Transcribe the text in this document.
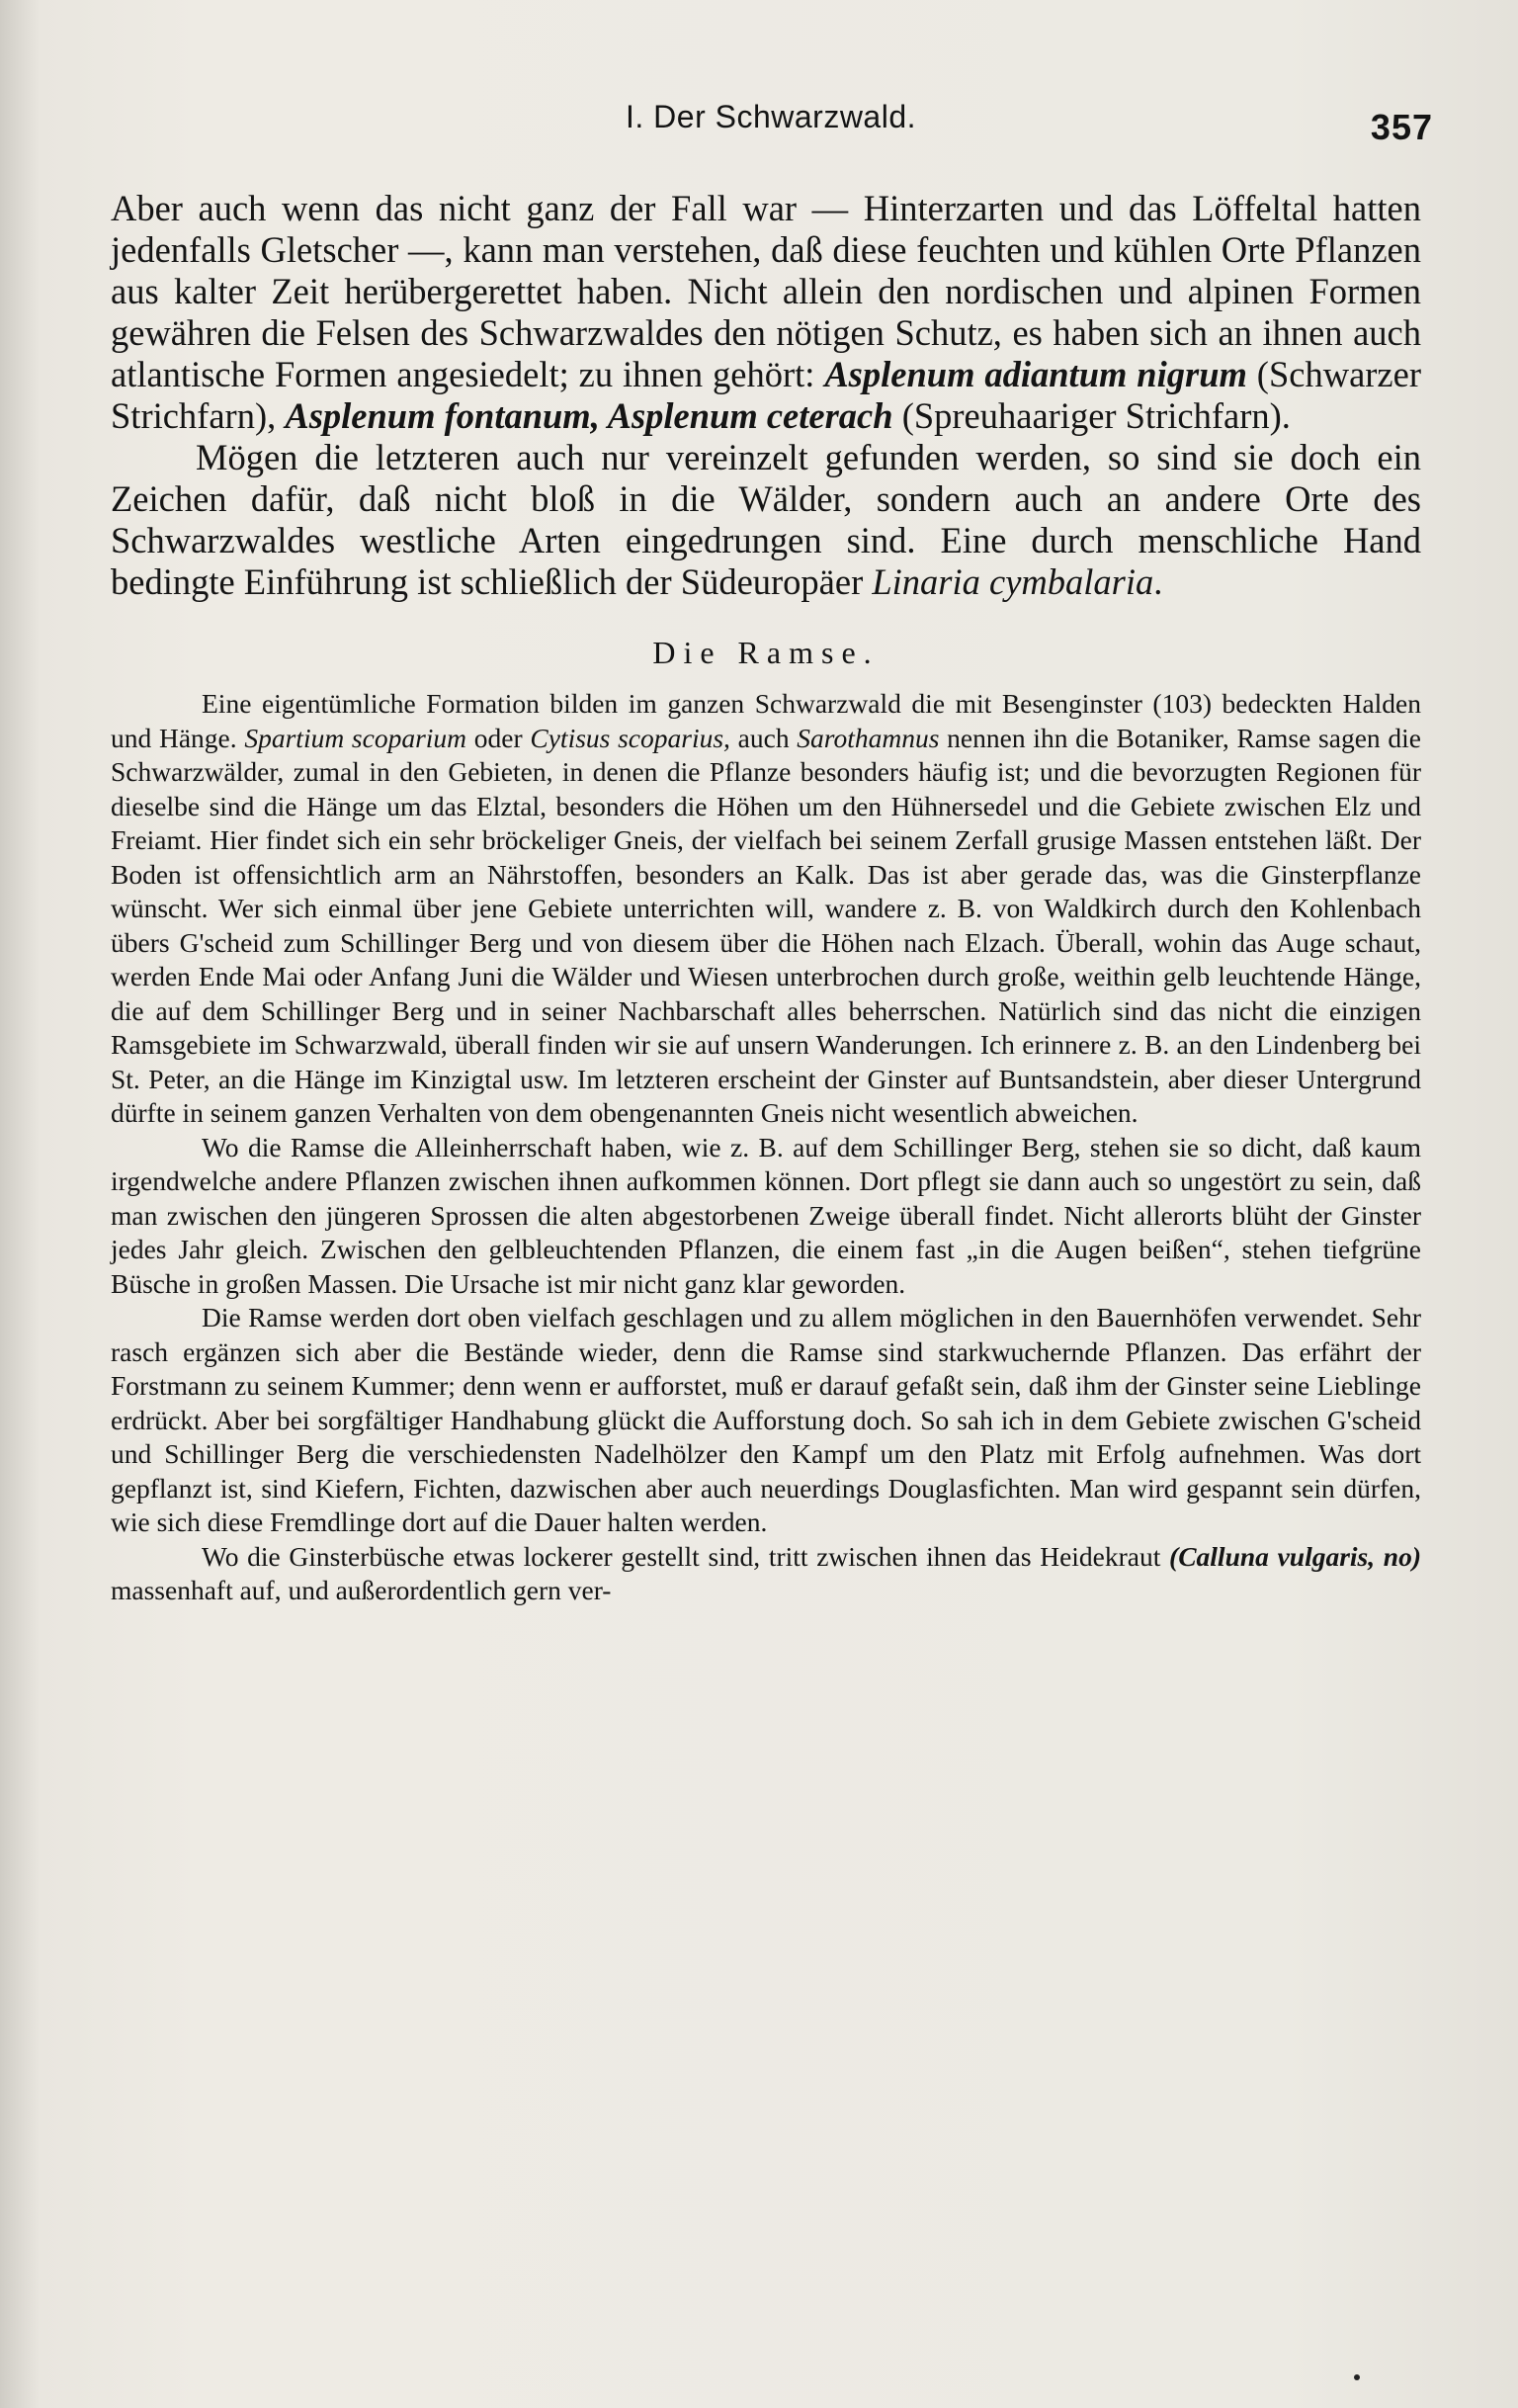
I. Der Schwarzwald.	357

Aber auch wenn das nicht ganz der Fall war — Hinterzarten und das Löffeltal hatten jedenfalls Gletscher —, kann man verstehen, daß diese feuchten und kühlen Orte Pflanzen aus kalter Zeit herübergerettet haben. Nicht allein den nordischen und alpinen Formen gewähren die Felsen des Schwarzwaldes den nötigen Schutz, es haben sich an ihnen auch atlantische Formen angesiedelt; zu ihnen gehört: Asplenum adiantum nigrum (Schwarzer Strichfarn), Asplenum fontanum, Asplenum ceterach (Spreuhaariger Strichfarn).

Mögen die letzteren auch nur vereinzelt gefunden werden, so sind sie doch ein Zeichen dafür, daß nicht bloß in die Wälder, sondern auch an andere Orte des Schwarzwaldes westliche Arten eingedrungen sind. Eine durch menschliche Hand bedingte Einführung ist schließlich der Südeuropäer Linaria cymbalaria.

Die Ramse.

Eine eigentümliche Formation bilden im ganzen Schwarzwald die mit Besenginster (103) bedeckten Halden und Hänge. Spartium scoparium oder Cytisus scoparius, auch Sarothamnus nennen ihn die Botaniker, Ramse sagen die Schwarzwälder, zumal in den Gebieten, in denen die Pflanze besonders häufig ist; und die bevorzugten Regionen für dieselbe sind die Hänge um das Elztal, besonders die Höhen um den Hühnersedel und die Gebiete zwischen Elz und Freiamt. Hier findet sich ein sehr bröckeliger Gneis, der vielfach bei seinem Zerfall grusige Massen entstehen läßt. Der Boden ist offensichtlich arm an Nährstoffen, besonders an Kalk. Das ist aber gerade das, was die Ginsterpflanze wünscht. Wer sich einmal über jene Gebiete unterrichten will, wandere z. B. von Waldkirch durch den Kohlenbach übers G'scheid zum Schillinger Berg und von diesem über die Höhen nach Elzach. Überall, wohin das Auge schaut, werden Ende Mai oder Anfang Juni die Wälder und Wiesen unterbrochen durch große, weithin gelb leuchtende Hänge, die auf dem Schillinger Berg und in seiner Nachbarschaft alles beherrschen. Natürlich sind das nicht die einzigen Ramsgebiete im Schwarzwald, überall finden wir sie auf unsern Wanderungen. Ich erinnere z. B. an den Lindenberg bei St. Peter, an die Hänge im Kinzigtal usw. Im letzteren erscheint der Ginster auf Buntsandstein, aber dieser Untergrund dürfte in seinem ganzen Verhalten von dem obengenannten Gneis nicht wesentlich abweichen.

Wo die Ramse die Alleinherrschaft haben, wie z. B. auf dem Schillinger Berg, stehen sie so dicht, daß kaum irgendwelche andere Pflanzen zwischen ihnen aufkommen können. Dort pflegt sie dann auch so ungestört zu sein, daß man zwischen den jüngeren Sprossen die alten abgestorbenen Zweige überall findet. Nicht allerorts blüht der Ginster jedes Jahr gleich. Zwischen den gelbleuchtenden Pflanzen, die einem fast „in die Augen beißen“, stehen tiefgrüne Büsche in großen Massen. Die Ursache ist mir nicht ganz klar geworden.

Die Ramse werden dort oben vielfach geschlagen und zu allem möglichen in den Bauernhöfen verwendet. Sehr rasch ergänzen sich aber die Bestände wieder, denn die Ramse sind starkwuchernde Pflanzen. Das erfährt der Forstmann zu seinem Kummer; denn wenn er aufforstet, muß er darauf gefaßt sein, daß ihm der Ginster seine Lieblinge erdrückt. Aber bei sorgfältiger Handhabung glückt die Aufforstung doch. So sah ich in dem Gebiete zwischen G'scheid und Schillinger Berg die verschiedensten Nadelhölzer den Kampf um den Platz mit Erfolg aufnehmen. Was dort gepflanzt ist, sind Kiefern, Fichten, dazwischen aber auch neuerdings Douglasfichten. Man wird gespannt sein dürfen, wie sich diese Fremdlinge dort auf die Dauer halten werden.

Wo die Ginsterbüsche etwas lockerer gestellt sind, tritt zwischen ihnen das Heidekraut (Calluna vulgaris, no) massenhaft auf, und außerordentlich gern ver-
